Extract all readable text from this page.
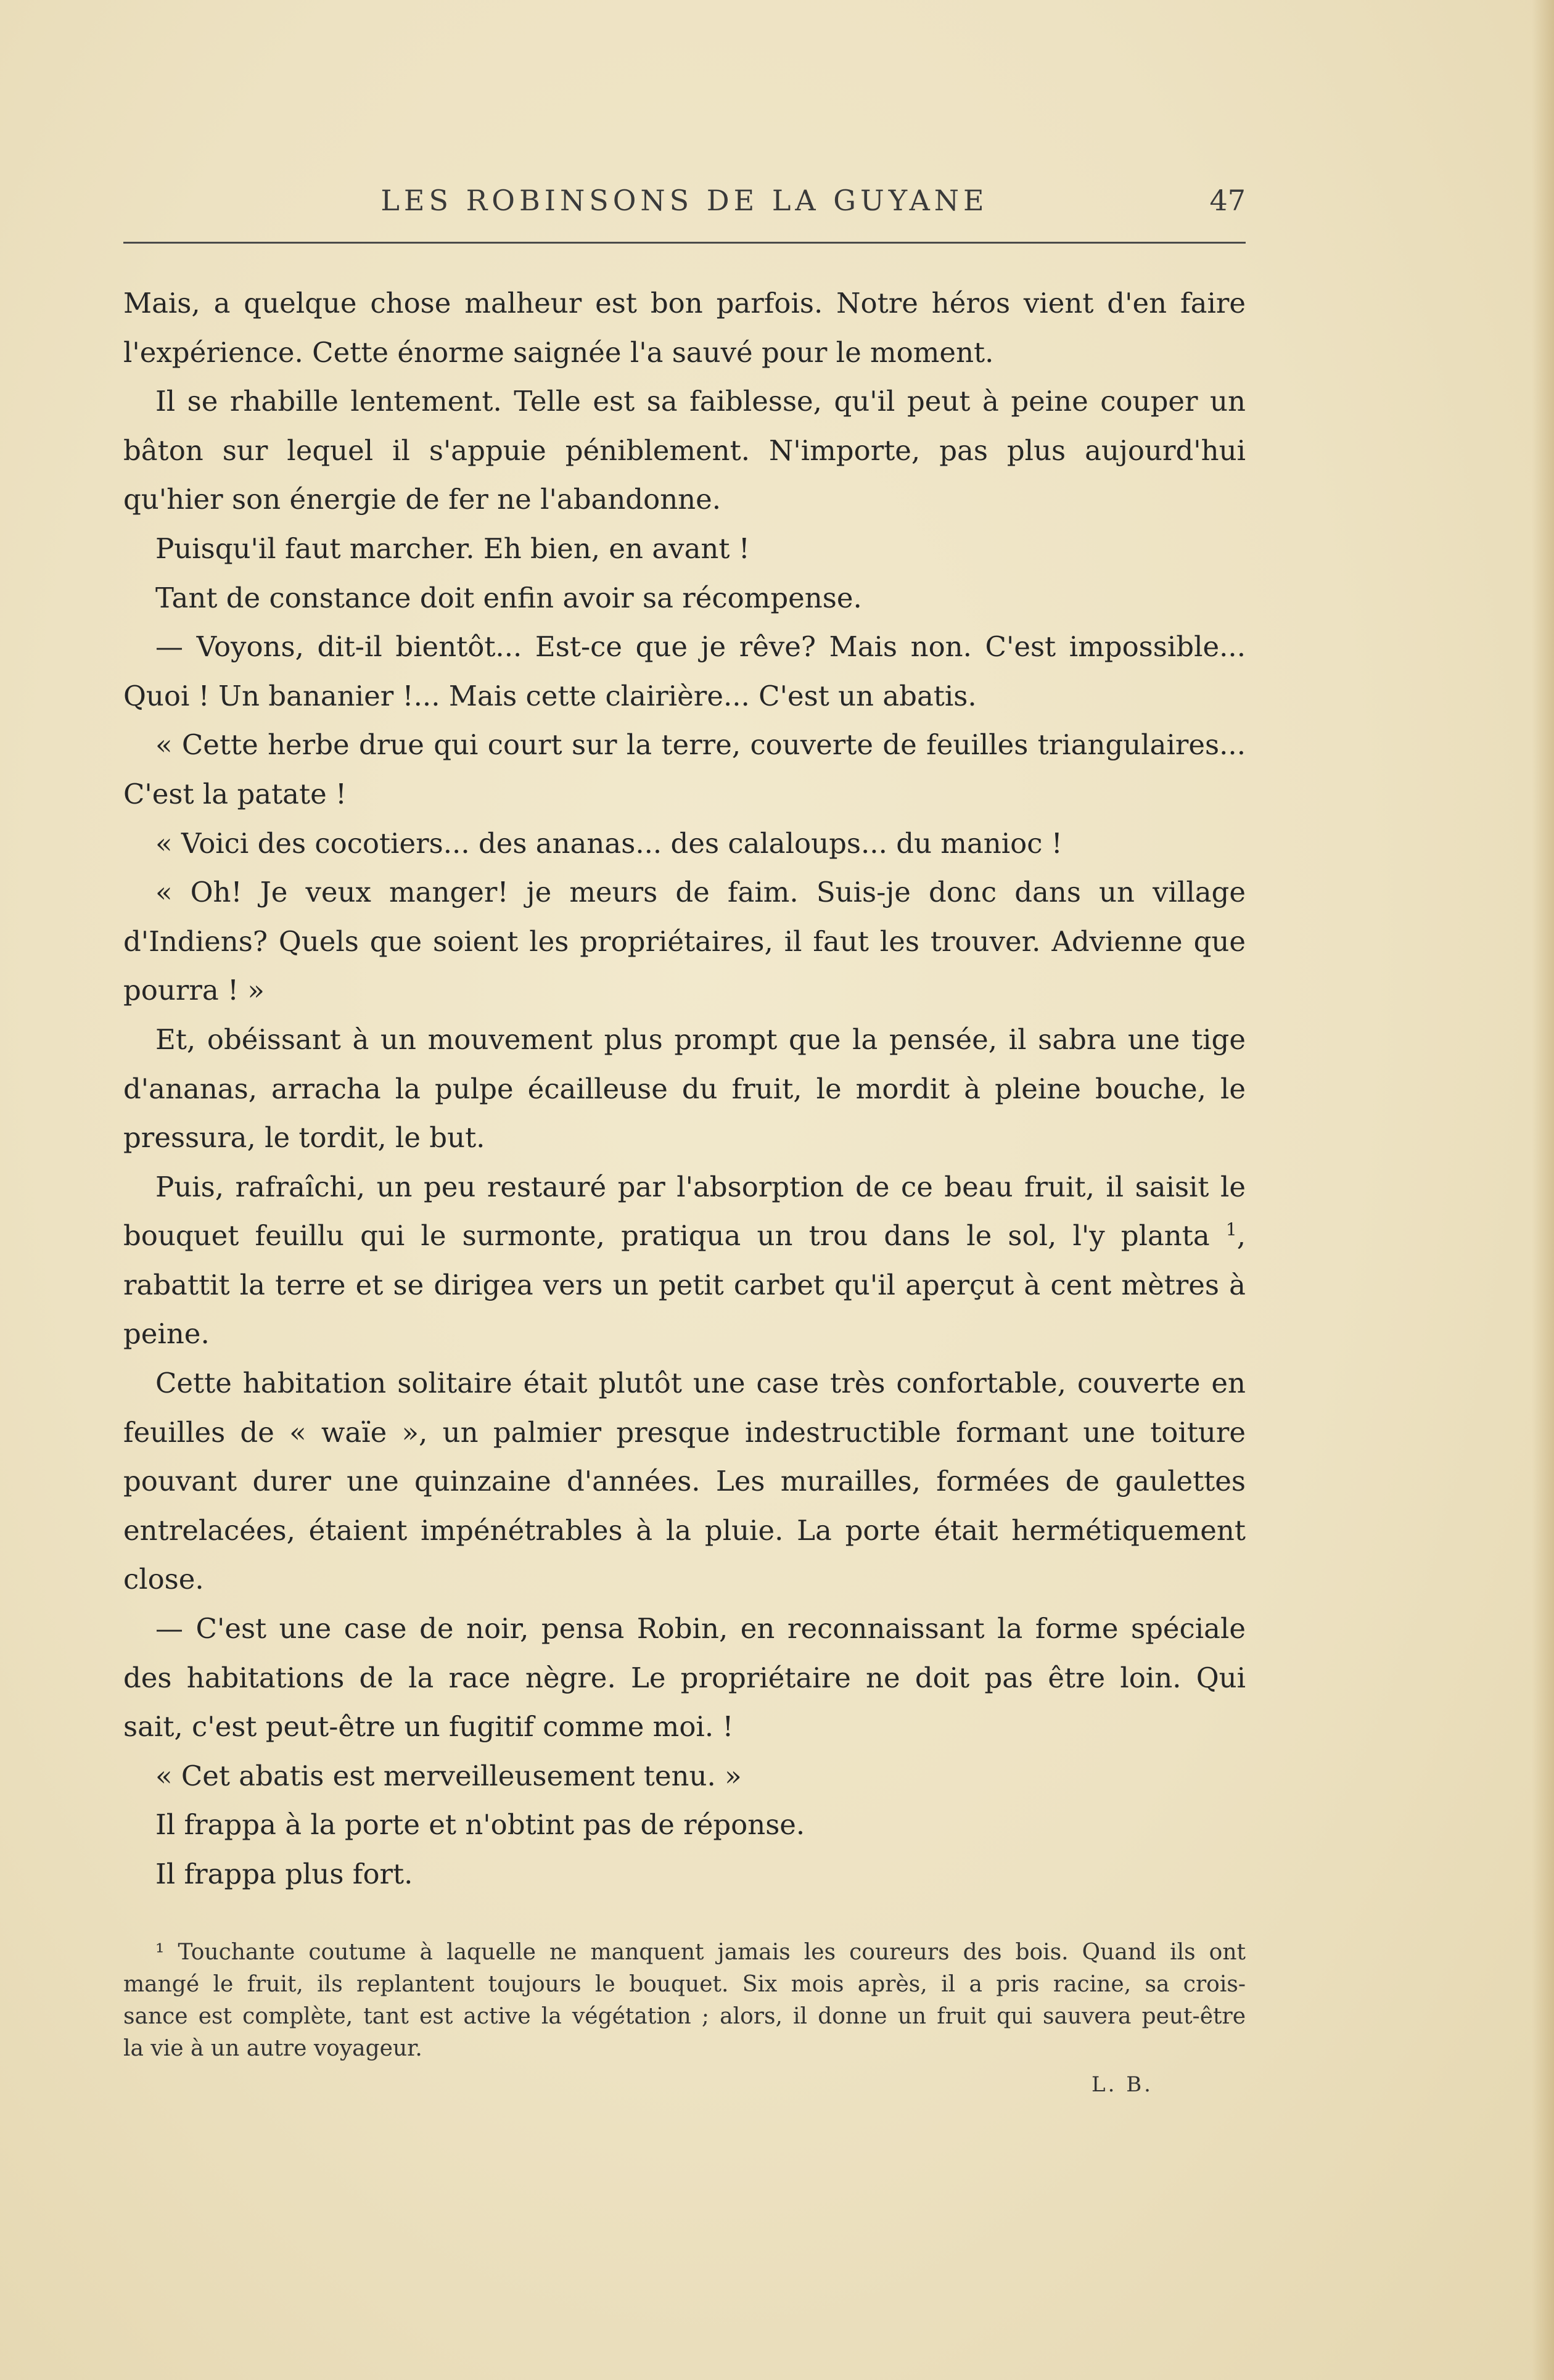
LES ROBINSONS DE LA GUYANE	47
Mais, a quelque chose malheur est bon parfois. Notre héros vient d'en faire
l'expérience. Cette énorme saignée l'a sauvé pour le moment.
Il se rhabille lentement. Telle est sa faiblesse, qu'il peut à peine couper un
bâton sur lequel il s'appuie péniblement. N'importe, pas plus aujourd'hui
qu'hier son énergie de fer ne l'abandonne.
Puisqu'il faut marcher. Eh bien, en avant !
Tant de constance doit enfin avoir sa récompense.
— Voyons, dit-il bientôt... Est-ce que je rêve? Mais non. C'est impossible...
Quoi ! Un bananier !... Mais cette clairière... C'est un abatis.
« Cette herbe drue qui court sur la terre, couverte de feuilles triangulaires...
C'est la patate !
« Voici des cocotiers... des ananas... des calaloups... du manioc !
« Oh! Je veux manger! je meurs de faim. Suis-je donc dans un village
d'Indiens? Quels que soient les propriétaires, il faut les trouver. Advienne que
pourra ! »
Et, obéissant à un mouvement plus prompt que la pensée, il sabra une tige
d'ananas, arracha la pulpe écailleuse du fruit, le mordit à pleine bouche, le
pressura, le tordit, le but.
Puis, rafraîchi, un peu restauré par l'absorption de ce beau fruit, il saisit le
bouquet feuillu qui le surmonte, pratiqua un trou dans le sol, l'y planta $^1$,
rabattit la terre et se dirigea vers un petit carbet qu'il aperçut à cent mètres à
peine.
Cette habitation solitaire était plutôt une case très confortable, couverte en
feuilles de « waïe », un palmier presque indestructible formant une toiture
pouvant durer une quinzaine d'années. Les murailles, formées de gaulettes
entrelacées, étaient impénétrables à la pluie. La porte était hermétiquement
close.
— C'est une case de noir, pensa Robin, en reconnaissant la forme spéciale
des habitations de la race nègre. Le propriétaire ne doit pas être loin. Qui
sait, c'est peut-être un fugitif comme moi. !
« Cet abatis est merveilleusement tenu. »
Il frappa à la porte et n'obtint pas de réponse.
Il frappa plus fort.
¹ Touchante coutume à laquelle ne manquent jamais les coureurs des bois. Quand ils ont
mangé le fruit, ils replantent toujours le bouquet. Six mois après, il a pris racine, sa crois-
sance est complète, tant est active la végétation ; alors, il donne un fruit qui sauvera peut-être
la vie à un autre voyageur.
L. B.
